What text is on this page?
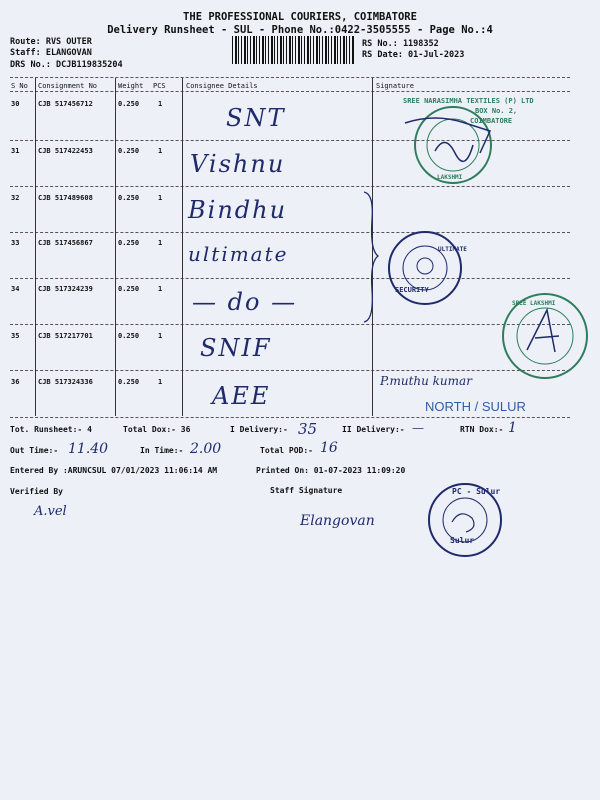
THE PROFESSIONAL COURIERS, COIMBATORE
Delivery Runsheet - SUL - Phone No.:0422-3505555 - Page No.:4
Route: RVS OUTER
Staff: ELANGOVAN
DRS No.: DCJB119835204
RS No.: 1198352
RS Date: 01-Jul-2023
S No Consignment No	Weight PCS	Consignee Details	Signature
30	CJB 517456712	0.250	1	SNT
31	CJB 517422453	0.250	1 Vishnu
32	CJB 517489608	0.250	1 Bindhu
33	CJB 517456867	0.250	1 ultimate
34	CJB 517324239	0.250	1 — do —
35	CJB 517217701	0.250	1 SNIF
36	CJB 517324336	0.250	1 AEE
SREE NARASIMHA TEXTILES (P) LTD
BOX No. 2,
COIMBATORE
LAKSHMI
SECURITY
ULTIMATE
SREE LAKSHMI
P.muthu kumar
NORTH / SULUR
Tot. Runsheet:- 4	Total Dox:- 36	I Delivery:- 35	II Delivery:- —	RTN Dox:- 1
Out Time:- 11.40	In Time:- 2.00	Total POD:- 16
Entered By :ARUNCSUL 07/01/2023 11:06:14 AM	Printed On: 01-07-2023 11:09:20
Verified By
A.vel
Staff Signature
Elangovan
PC - Sulur
Sulur
